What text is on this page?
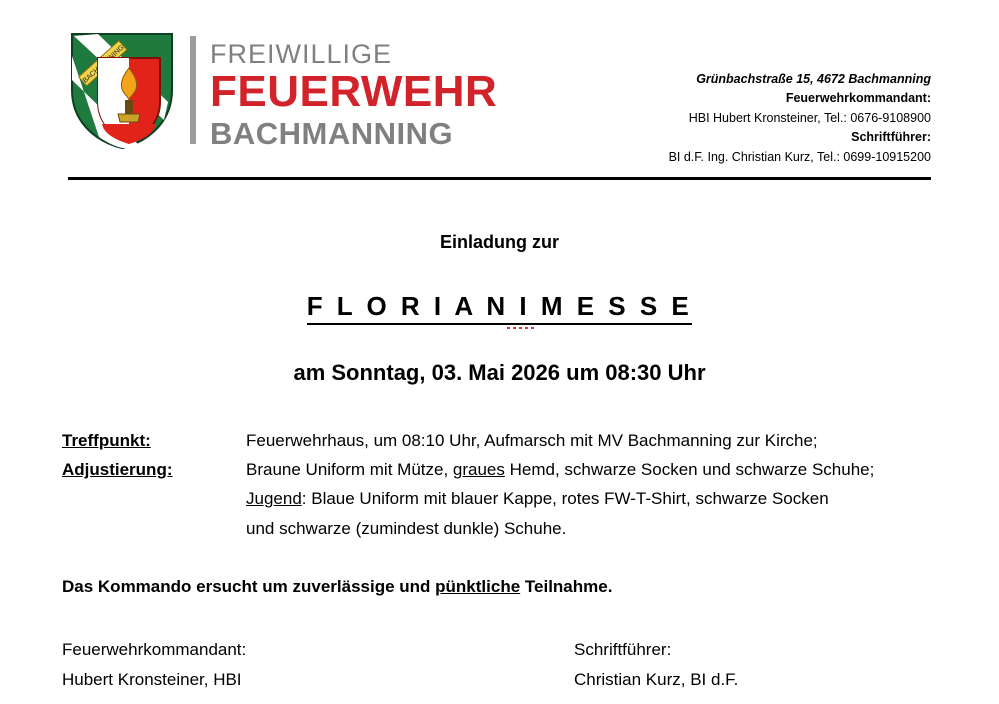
FREIWILLIGE
FEUERWEHR
BACHMANNING
Grünbachstraße 15, 4672 Bachmanning
Feuerwehrkommandant:
HBI Hubert Kronsteiner, Tel.: 0676-9108900
Schriftführer:
BI d.F. Ing. Christian Kurz, Tel.: 0699-10915200
Einladung zur
F L O R I A N I M E S S E
am Sonntag, 03. Mai 2026 um 08:30 Uhr
Treffpunkt:	Feuerwehrhaus, um 08:10 Uhr, Aufmarsch mit MV Bachmanning zur Kirche;
Adjustierung:	Braune Uniform mit Mütze, graues Hemd, schwarze Socken und schwarze Schuhe;
Jugend: Blaue Uniform mit blauer Kappe, rotes FW-T-Shirt, schwarze Socken
und schwarze (zumindest dunkle) Schuhe.
Das Kommando ersucht um zuverlässige und pünktliche Teilnahme.
Feuerwehrkommandant:	Schriftführer:
Hubert Kronsteiner, HBI	Christian Kurz, BI d.F.
